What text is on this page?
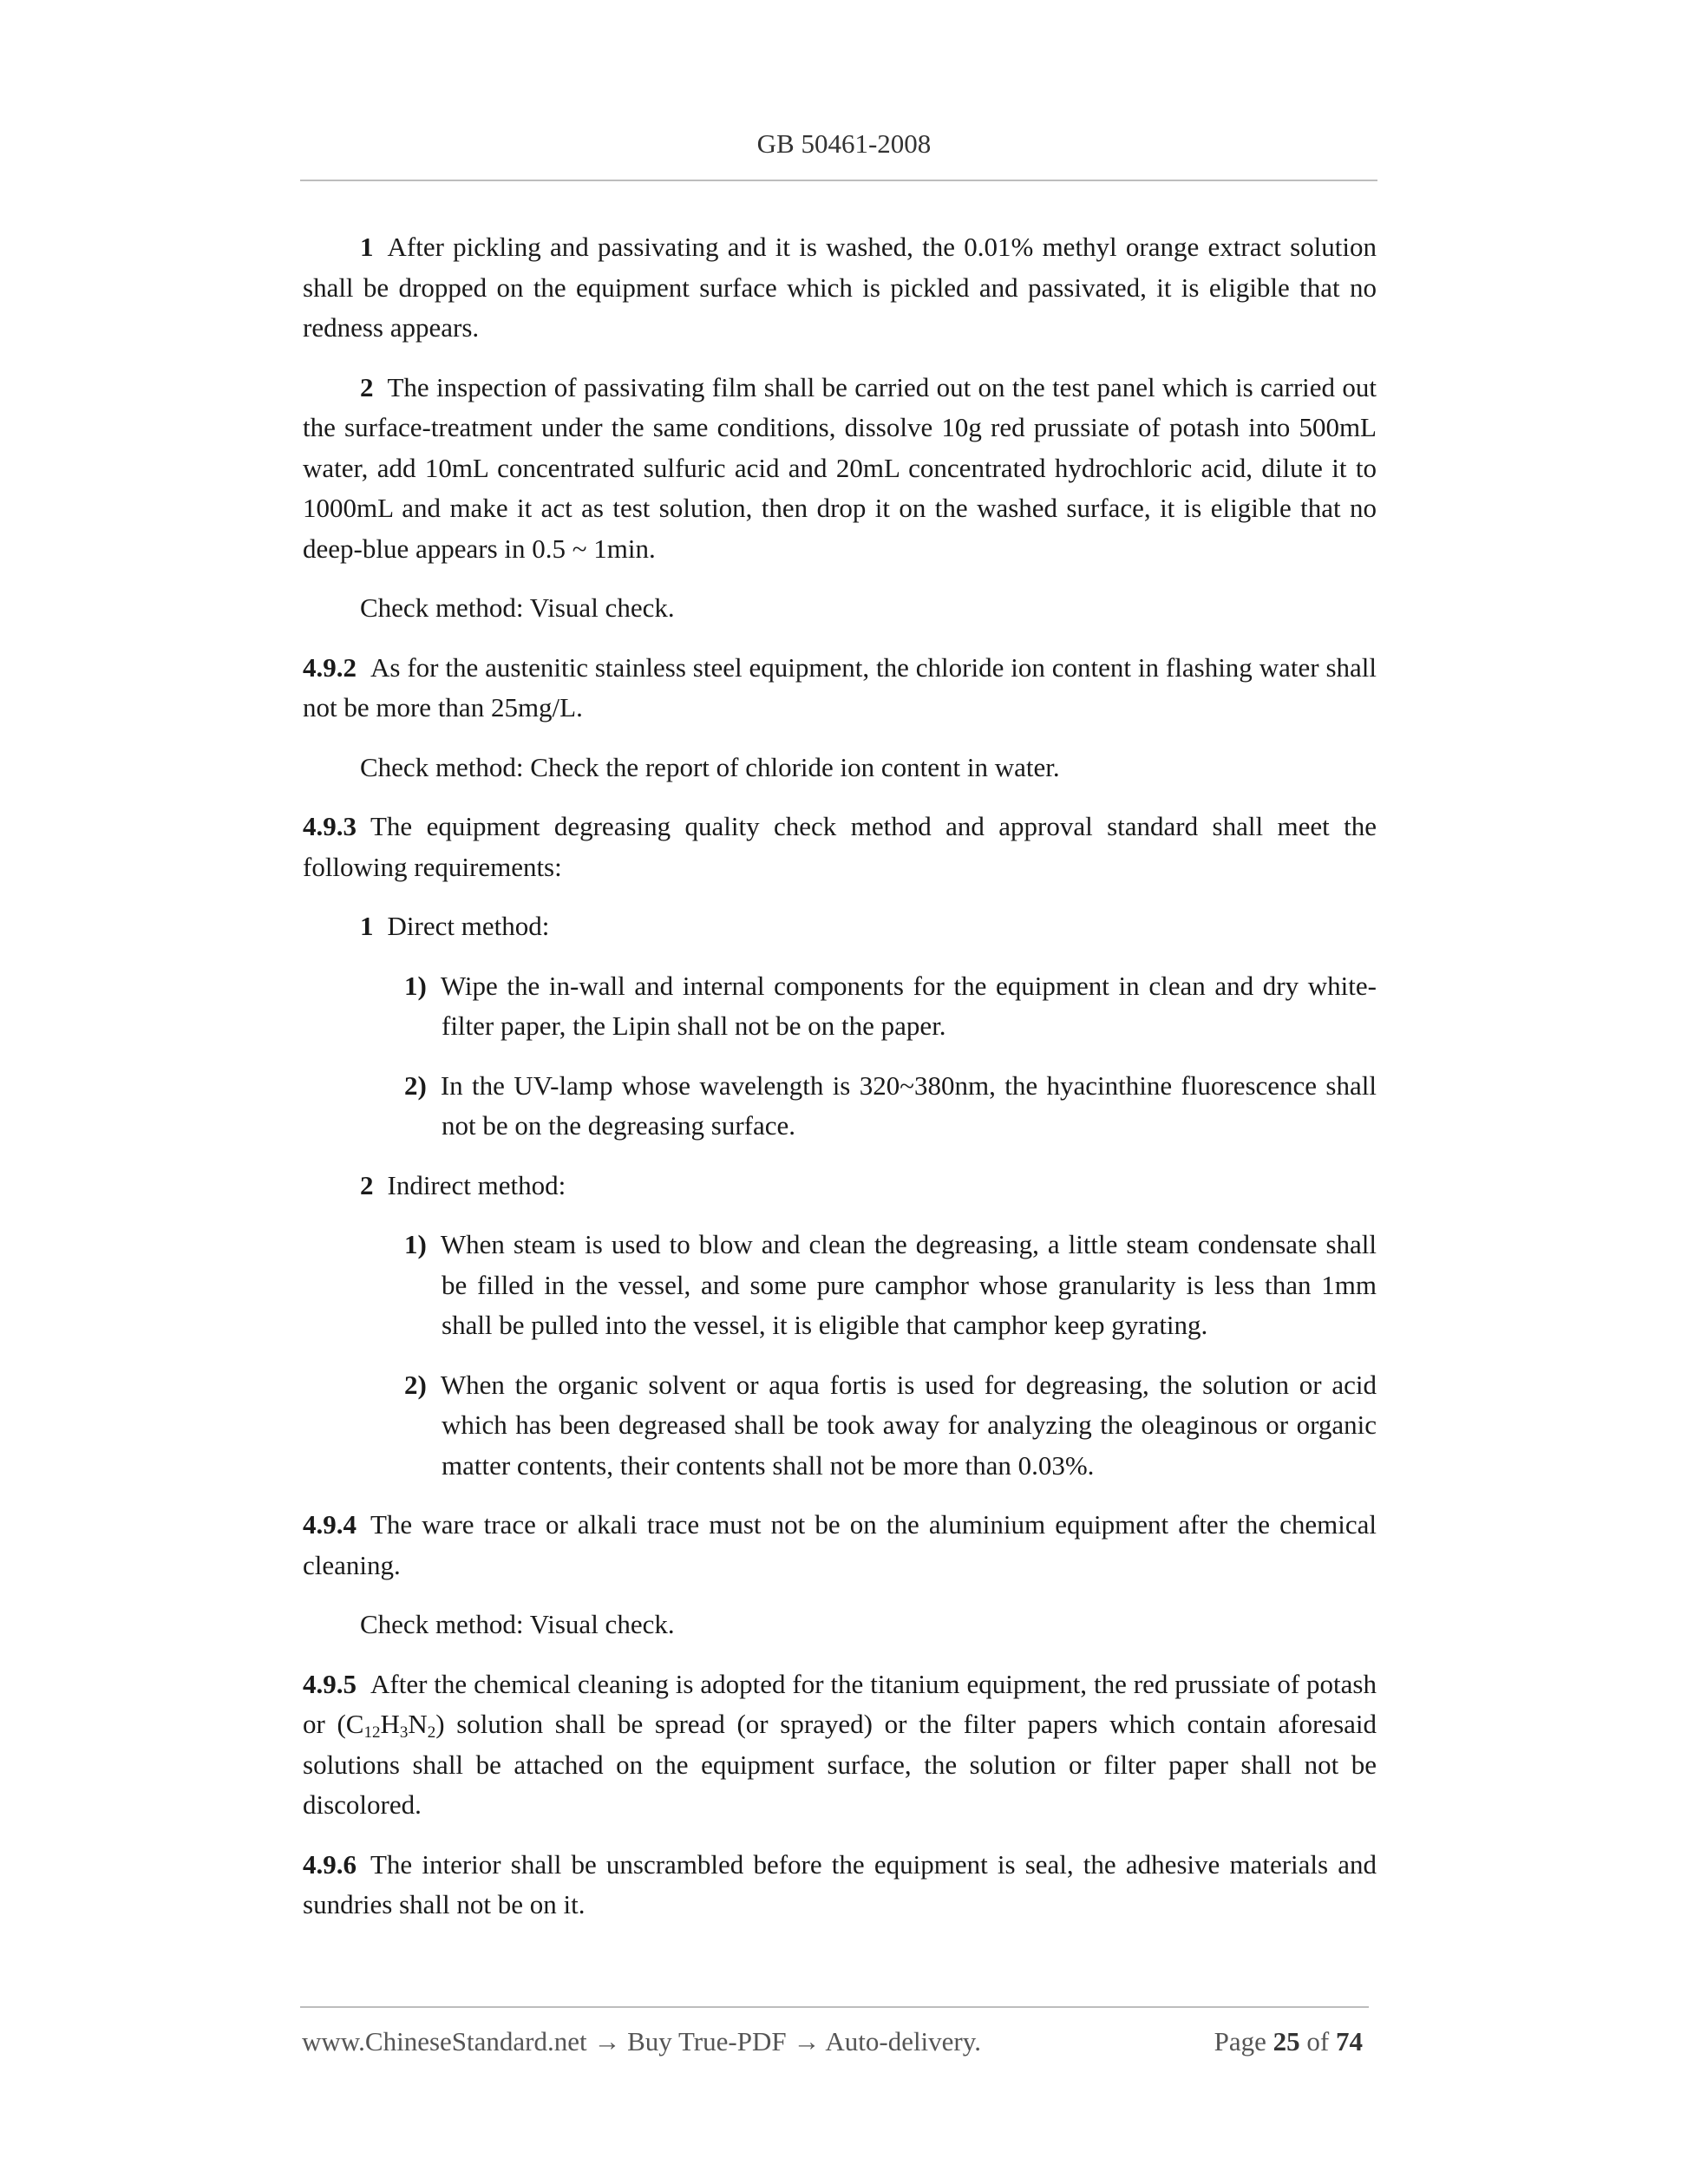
GB 50461-2008

1 After pickling and passivating and it is washed, the 0.01% methyl orange extract solution shall be dropped on the equipment surface which is pickled and passivated, it is eligible that no redness appears.

2 The inspection of passivating film shall be carried out on the test panel which is carried out the surface-treatment under the same conditions, dissolve 10g red prussiate of potash into 500mL water, add 10mL concentrated sulfuric acid and 20mL concentrated hydrochloric acid, dilute it to 1000mL and make it act as test solution, then drop it on the washed surface, it is eligible that no deep-blue appears in 0.5 ~ 1min.

Check method: Visual check.

4.9.2 As for the austenitic stainless steel equipment, the chloride ion content in flashing water shall not be more than 25mg/L.

Check method: Check the report of chloride ion content in water.

4.9.3 The equipment degreasing quality check method and approval standard shall meet the following requirements:

1 Direct method:

1) Wipe the in-wall and internal components for the equipment in clean and dry white-filter paper, the Lipin shall not be on the paper.

2) In the UV-lamp whose wavelength is 320~380nm, the hyacinthine fluorescence shall not be on the degreasing surface.

2 Indirect method:

1) When steam is used to blow and clean the degreasing, a little steam condensate shall be filled in the vessel, and some pure camphor whose granularity is less than 1mm shall be pulled into the vessel, it is eligible that camphor keep gyrating.

2) When the organic solvent or aqua fortis is used for degreasing, the solution or acid which has been degreased shall be took away for analyzing the oleaginous or organic matter contents, their contents shall not be more than 0.03%.

4.9.4 The ware trace or alkali trace must not be on the aluminium equipment after the chemical cleaning.

Check method: Visual check.

4.9.5 After the chemical cleaning is adopted for the titanium equipment, the red prussiate of potash or $(C_{12}H_3N_2)$ solution shall be spread (or sprayed) or the filter papers which contain aforesaid solutions shall be attached on the equipment surface, the solution or filter paper shall not be discolored.

4.9.6 The interior shall be unscrambled before the equipment is seal, the adhesive materials and sundries shall not be on it.

www.ChineseStandard.net → Buy True-PDF → Auto-delivery.	Page 25 of 74
